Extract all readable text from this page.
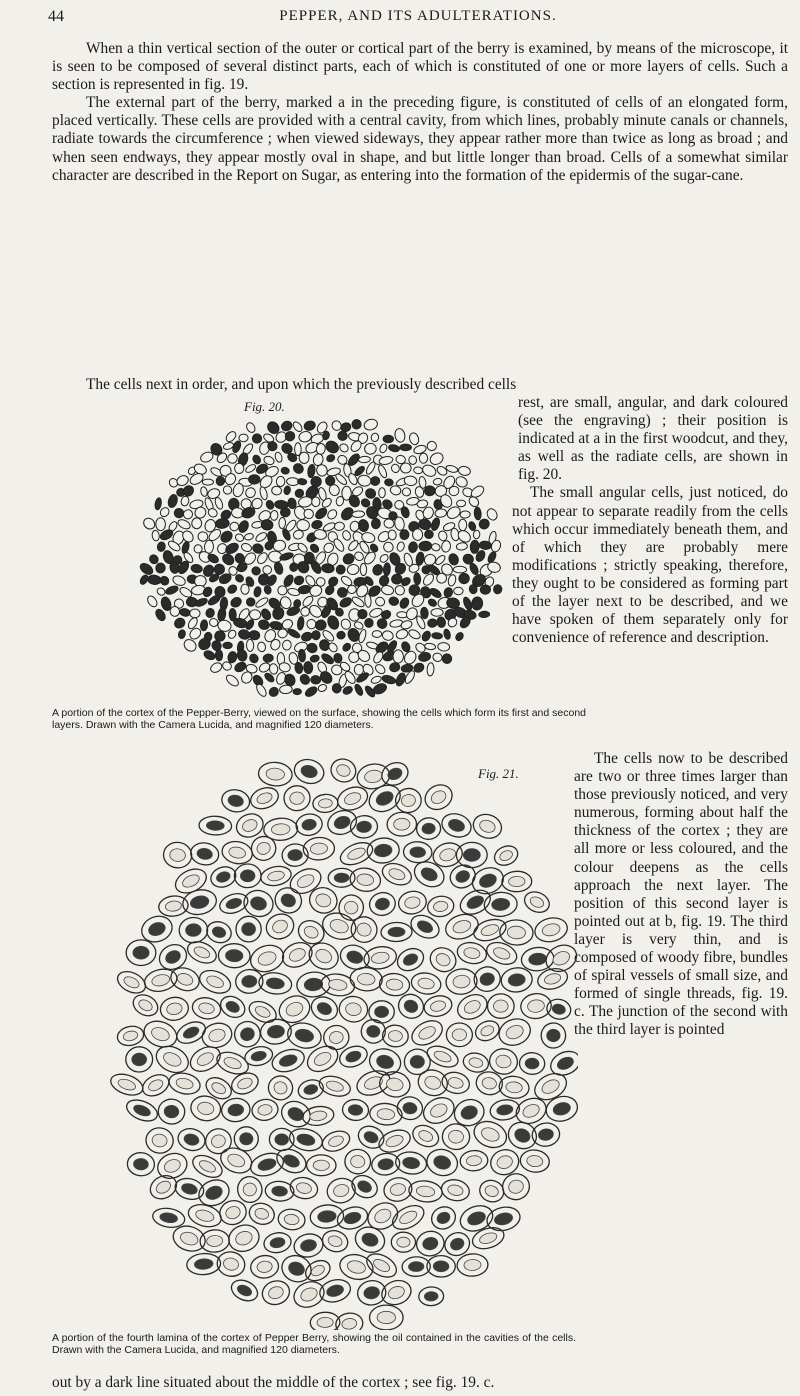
44	PEPPER, AND ITS ADULTERATIONS.

When a thin vertical section of the outer or cortical part of the berry is examined, by means of the microscope, it is seen to be composed of several distinct parts, each of which is constituted of one or more layers of cells. Such a section is represented in fig. 19.

The external part of the berry, marked a in the preceding figure, is constituted of cells of an elongated form, placed vertically. These cells are provided with a central cavity, from which lines, probably minute canals or channels, radiate towards the circumference ; when viewed sideways, they appear rather more than twice as long as broad ; and when seen endways, they appear mostly oval in shape, and but little longer than broad. Cells of a somewhat similar character are described in the Report on Sugar, as entering into the formation of the epidermis of the sugar-cane.

The cells next in order, and upon which the previously described cells

rest, are small, angular, and dark coloured (see the engraving) ; their position is indicated at a in the first woodcut, and they, as well as the radiate cells, are shown in fig. 20.

The small angular cells, just noticed, do not appear to separate readily from the cells which occur immediately beneath them, and of which they are probably mere modifications ; strictly speaking, therefore, they ought to be considered as forming part of the layer next to be described, and we have spoken of them separately only for convenience of reference and description.

The cells now to be described are two or three times larger than those previously noticed, and very numerous, forming about half the thickness of the cortex ; they are all more or less coloured, and the colour deepens as the cells approach the next layer. The position of this second layer is pointed out at b, fig. 19. The third layer is very thin, and is composed of woody fibre, bundles of spiral vessels of small size, and formed of single threads, fig. 19. c. The junction of the second with the third layer is pointed

out by a dark line situated about the middle of the cortex ; see fig. 19. c.

Fig. 20.
Fig. 21.

A portion of the cortex of the Pepper-Berry, viewed on the surface, showing the cells which form its first and second layers. Drawn with the Camera Lucida, and magnified 120 diameters.

A portion of the fourth lamina of the cortex of Pepper Berry, showing the oil contained in the cavities of the cells. Drawn with the Camera Lucida, and magnified 120 diameters.
